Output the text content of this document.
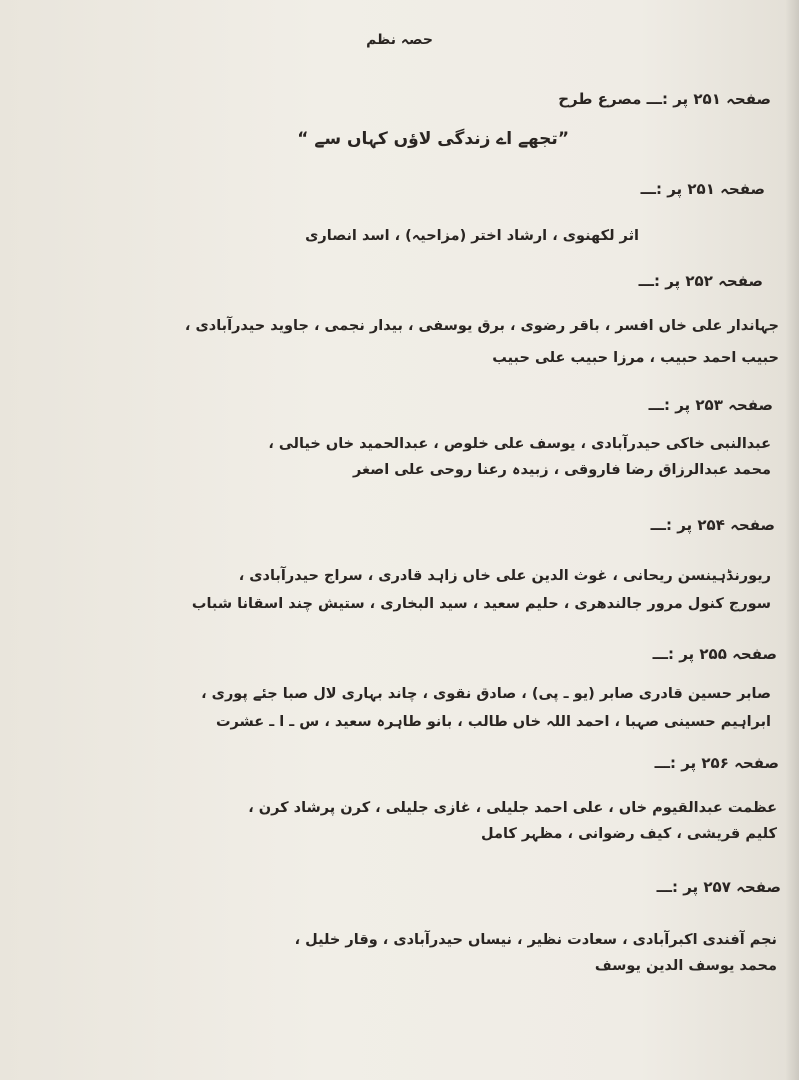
حصہ نظم
صفحہ ۲۵۱ پر :ـــ مصرع طرح
”تجھے اے زندگی لاؤں کہاں سے “
صفحہ ۲۵۱ پر :ـــ
اثر لکھنوی ، ارشاد اختر (مزاحیہ) ، اسد انصاری
صفحہ ۲۵۲ پر :ـــ
جہاندار علی خاں افسر ، باقر رضوی ، برق یوسفی ، بیدار نجمی ، جاوید حیدرآبادی ،
حبیب احمد حبیب ، مرزا حبیب علی حبیب
صفحہ ۲۵۳ پر :ـــ
عبدالنبی خاکی حیدرآبادی ، یوسف علی خلوص ، عبدالحمید خاں خیالی ،
محمد عبدالرزاق رضا فاروقی ، زبیدہ رعنا روحی علی اصغر
صفحہ ۲۵۴ پر :ـــ
ریورنڈہینسن ریحانی ، غوث الدین علی خاں زاہد قادری ، سراج حیدرآبادی ،
سورج کنول مرور جالندھری ، حلیم سعید ، سید البخاری ، ستیش چند اسقانا شباب
صفحہ ۲۵۵ پر :ـــ
صابر حسین قادری صابر (یو ـ پی) ، صادق نقوی ، چاند بہاری لال صبا جئے پوری ،
ابراہیم حسینی صہبا ، احمد اللہ خاں طالب ، بانو طاہرہ سعید ، س ـ ا ـ عشرت
صفحہ ۲۵۶ پر :ـــ
عظمت عبدالقیوم خاں ، علی احمد جلیلی ، غازی جلیلی ، کرن پرشاد کرن ،
کلیم قریشی ، کیف رضوانی ، مظہر کامل
صفحہ ۲۵۷ پر :ـــ
نجم آفندی اکبرآبادی ، سعادت نظیر ، نیساں حیدرآبادی ، وقار خلیل ،
محمد یوسف الدین یوسف
